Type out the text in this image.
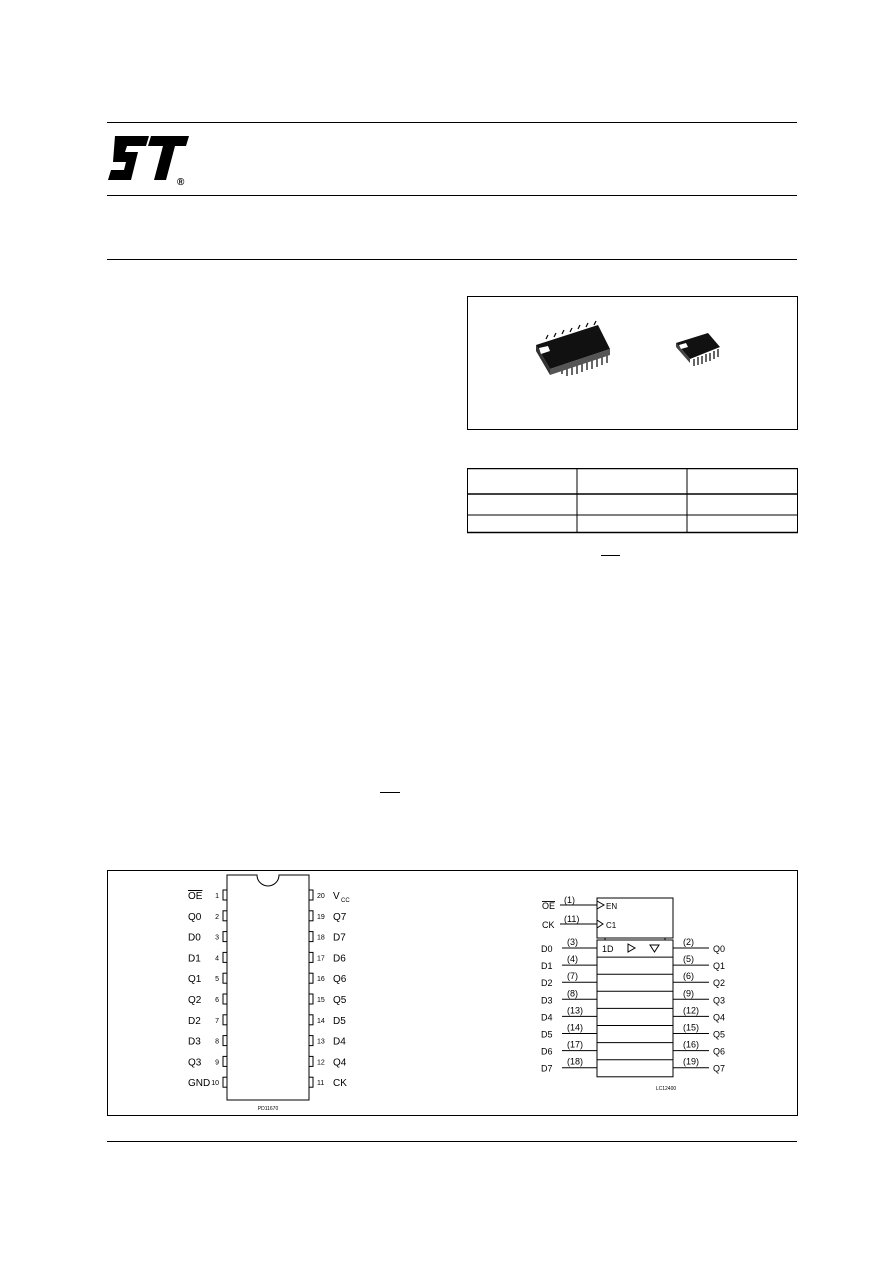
®
1
OE
2
Q0
3
D0
4
D1
5
Q1
6
Q2
7
D2
8
D3
9
Q3
10
GND
20 V CC
19 Q7
18 D7
17 D6
16 Q6
15 Q5
14 D5
13 D4
12 Q4
11 CK
PD11670
OE
(1)
EN
CK
(11)
C1
1D
D0
(3)
D1
(4)
D2
(7)
D3
(8)
D4
(13)
D5
(14)
D6
(17)
D7
(18)
Q0
(2)
Q1
(5)
Q2
(6)
Q3
(9)
Q4
(12)
Q5
(15)
Q6
(16)
Q7
(19)
LC12400
